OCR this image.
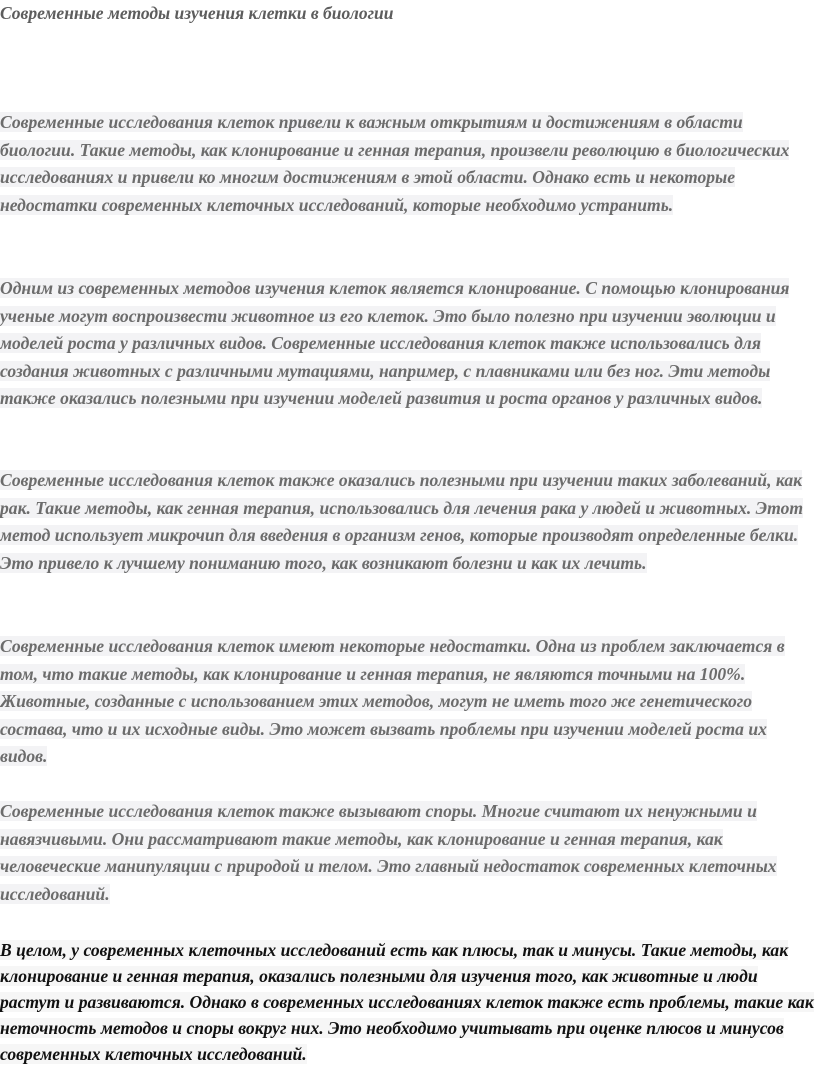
Современные методы изучения клетки в биологии

Современные исследования клеток привели к важным открытиям и достижениям в области биологии. Такие методы, как клонирование и генная терапия, произвели революцию в биологических исследованиях и привели ко многим достижениям в этой области. Однако есть и некоторые недостатки современных клеточных исследований, которые необходимо устранить.

Одним из современных методов изучения клеток является клонирование. С помощью клонирования ученые могут воспроизвести животное из его клеток. Это было полезно при изучении эволюции и моделей роста у различных видов. Современные исследования клеток также использовались для создания животных с различными мутациями, например, с плавниками или без ног. Эти методы также оказались полезными при изучении моделей развития и роста органов у различных видов.

Современные исследования клеток также оказались полезными при изучении таких заболеваний, как рак. Такие методы, как генная терапия, использовались для лечения рака у людей и животных. Этот метод использует микрочип для введения в организм генов, которые производят определенные белки. Это привело к лучшему пониманию того, как возникают болезни и как их лечить.

Современные исследования клеток имеют некоторые недостатки. Одна из проблем заключается в том, что такие методы, как клонирование и генная терапия, не являются точными на 100%. Животные, созданные с использованием этих методов, могут не иметь того же генетического состава, что и их исходные виды. Это может вызвать проблемы при изучении моделей роста их видов.

Современные исследования клеток также вызывают споры. Многие считают их ненужными и навязчивыми. Они рассматривают такие методы, как клонирование и генная терапия, как человеческие манипуляции с природой и телом. Это главный недостаток современных клеточных исследований.

В целом, у современных клеточных исследований есть как плюсы, так и минусы. Такие методы, как клонирование и генная терапия, оказались полезными для изучения того, как животные и люди растут и развиваются. Однако в современных исследованиях клеток также есть проблемы, такие как неточность методов и споры вокруг них. Это необходимо учитывать при оценке плюсов и минусов современных клеточных исследований.
